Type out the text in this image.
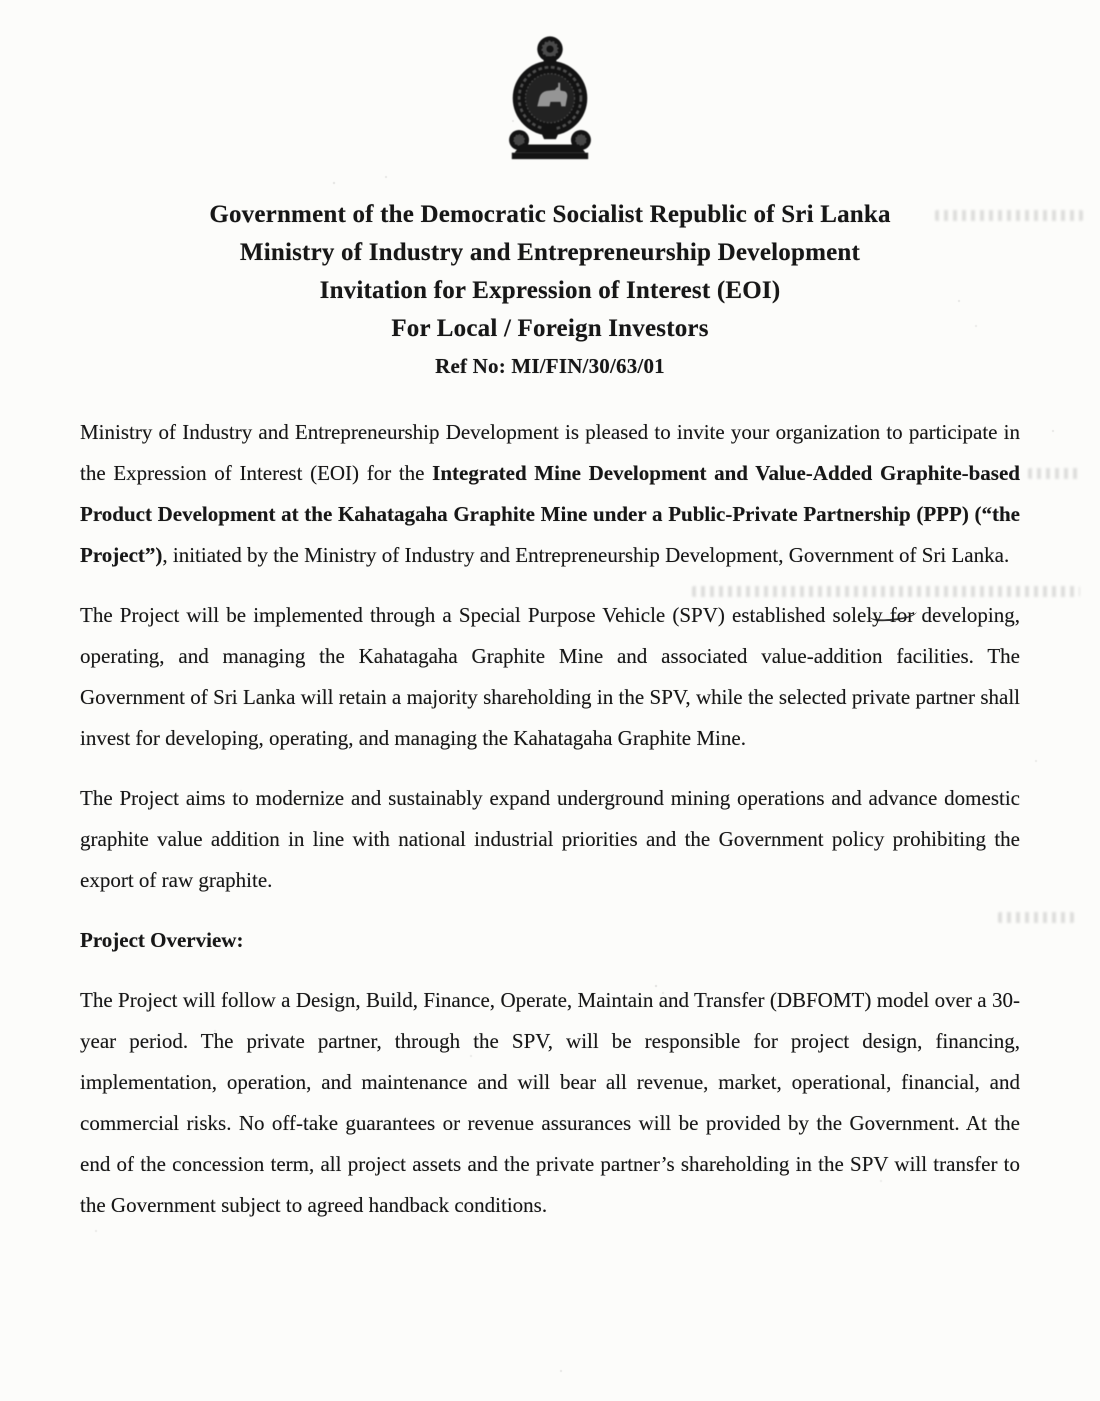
Government of the Democratic Socialist Republic of Sri Lanka
Ministry of Industry and Entrepreneurship Development
Invitation for Expression of Interest (EOI)
For Local / Foreign Investors
Ref No: MI/FIN/30/63/01

Ministry of Industry and Entrepreneurship Development is pleased to invite your organization to participate in the Expression of Interest (EOI) for the Integrated Mine Development and Value-Added Graphite-based Product Development at the Kahatagaha Graphite Mine under a Public-Private Partnership (PPP) (“the Project”), initiated by the Ministry of Industry and Entrepreneurship Development, Government of Sri Lanka.

The Project will be implemented through a Special Purpose Vehicle (SPV) established solely for developing, operating, and managing the Kahatagaha Graphite Mine and associated value-addition facilities. The Government of Sri Lanka will retain a majority shareholding in the SPV, while the selected private partner shall invest for developing, operating, and managing the Kahatagaha Graphite Mine.

The Project aims to modernize and sustainably expand underground mining operations and advance domestic graphite value addition in line with national industrial priorities and the Government policy prohibiting the export of raw graphite.

Project Overview:

The Project will follow a Design, Build, Finance, Operate, Maintain and Transfer (DBFOMT) model over a 30-year period. The private partner, through the SPV, will be responsible for project design, financing, implementation, operation, and maintenance and will bear all revenue, market, operational, financial, and commercial risks. No off-take guarantees or revenue assurances will be provided by the Government. At the end of the concession term, all project assets and the private partner’s shareholding in the SPV will transfer to the Government subject to agreed handback conditions.
